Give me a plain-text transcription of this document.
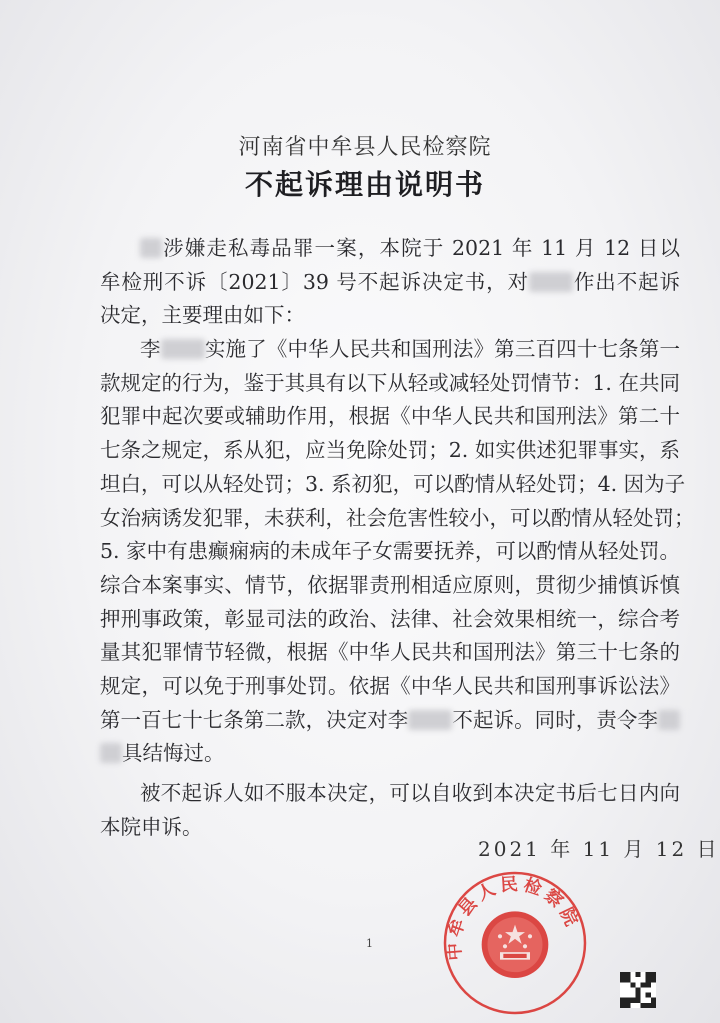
河南省中牟县人民检察院
不起诉理由说明书
涉嫌走私毒品罪一案，本院于 2021 年 11 月 12 日以
牟检刑不诉〔2021〕39 号不起诉决定书，对 作出不起诉
决定，主要理由如下：
李 实施了《中华人民共和国刑法》第三百四十七条第一
款规定的行为，鉴于其具有以下从轻或减轻处罚情节：1. 在共同
犯罪中起次要或辅助作用，根据《中华人民共和国刑法》第二十
七条之规定，系从犯，应当免除处罚；2. 如实供述犯罪事实，系
坦白，可以从轻处罚；3. 系初犯，可以酌情从轻处罚；4. 因为子
女治病诱发犯罪，未获利，社会危害性较小，可以酌情从轻处罚；
5. 家中有患癫痫病的未成年子女需要抚养，可以酌情从轻处罚。
综合本案事实、情节，依据罪责刑相适应原则，贯彻少捕慎诉慎
押刑事政策，彰显司法的政治、法律、社会效果相统一，综合考
量其犯罪情节轻微，根据《中华人民共和国刑法》第三十七条的
规定，可以免于刑事处罚。依据《中华人民共和国刑事诉讼法》
第一百七十七条第二款，决定对李 不起诉。同时，责令李
具结悔过。
被不起诉人如不服本决定，可以自收到本决定书后七日内向
本院申诉。
2021 年 11 月 12 日
中牟县人民检察院
1
